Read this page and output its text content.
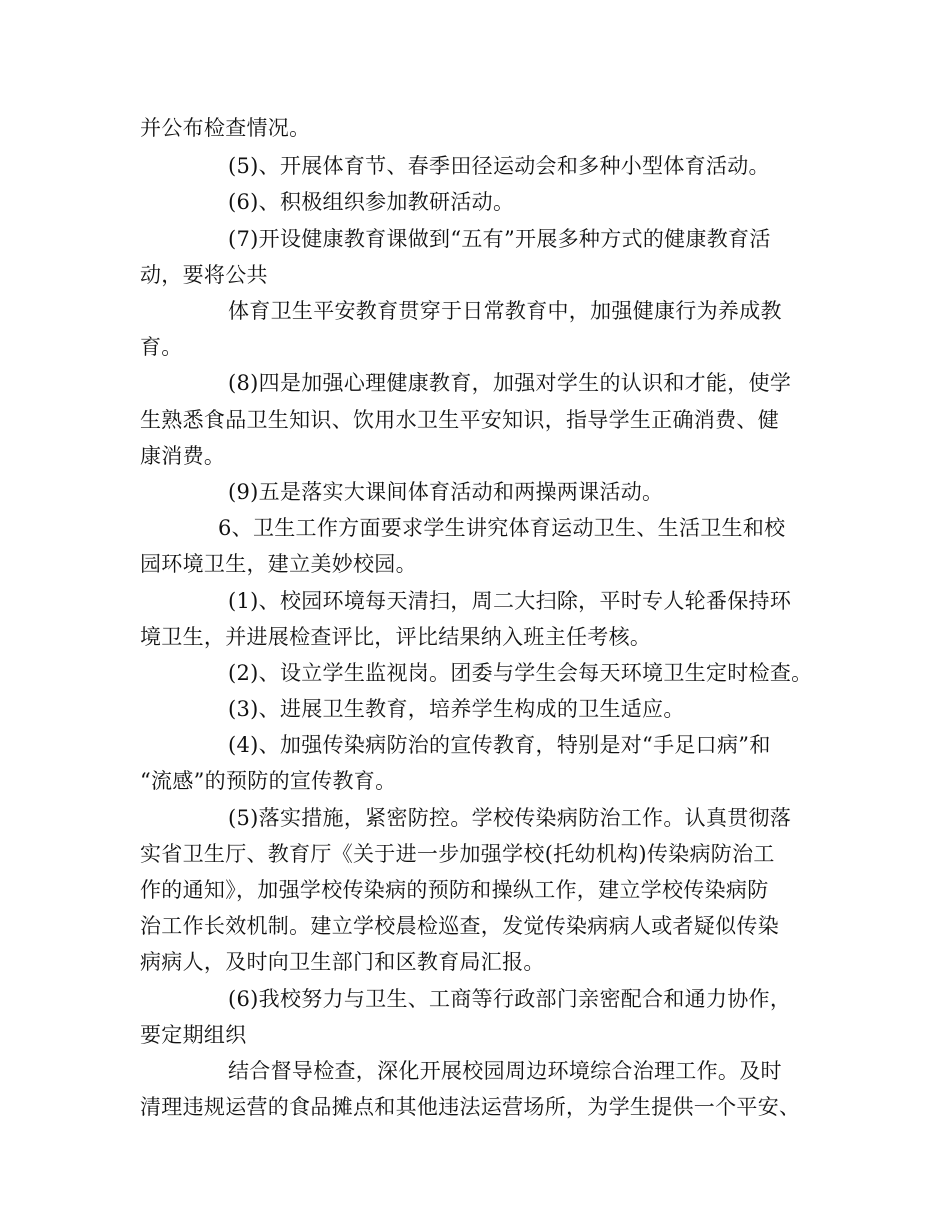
并公布检查情况。

(5)、开展体育节、春季田径运动会和多种小型体育活动。

(6)、积极组织参加教研活动。

(7)开设健康教育课做到“五有”开展多种方式的健康教育活

动，要将公共

体育卫生平安教育贯穿于日常教育中，加强健康行为养成教

育。

(8)四是加强心理健康教育，加强对学生的认识和才能，使学

生熟悉食品卫生知识、饮用水卫生平安知识，指导学生正确消费、健

康消费。

(9)五是落实大课间体育活动和两操两课活动。

6、卫生工作方面要求学生讲究体育运动卫生、生活卫生和校

园环境卫生，建立美妙校园。

(1)、校园环境每天清扫，周二大扫除，平时专人轮番保持环

境卫生，并进展检查评比，评比结果纳入班主任考核。

(2)、设立学生监视岗。团委与学生会每天环境卫生定时检查。

(3)、进展卫生教育，培养学生构成的卫生适应。

(4)、加强传染病防治的宣传教育，特别是对“手足口病”和

“流感”的预防的宣传教育。

(5)落实措施，紧密防控。学校传染病防治工作。认真贯彻落

实省卫生厅、教育厅《关于进一步加强学校(托幼机构)传染病防治工

作的通知》，加强学校传染病的预防和操纵工作，建立学校传染病防

治工作长效机制。建立学校晨检巡查，发觉传染病病人或者疑似传染

病病人，及时向卫生部门和区教育局汇报。

(6)我校努力与卫生、工商等行政部门亲密配合和通力协作，

要定期组织

结合督导检查，深化开展校园周边环境综合治理工作。及时

清理违规运营的食品摊点和其他违法运营场所，为学生提供一个平安、
